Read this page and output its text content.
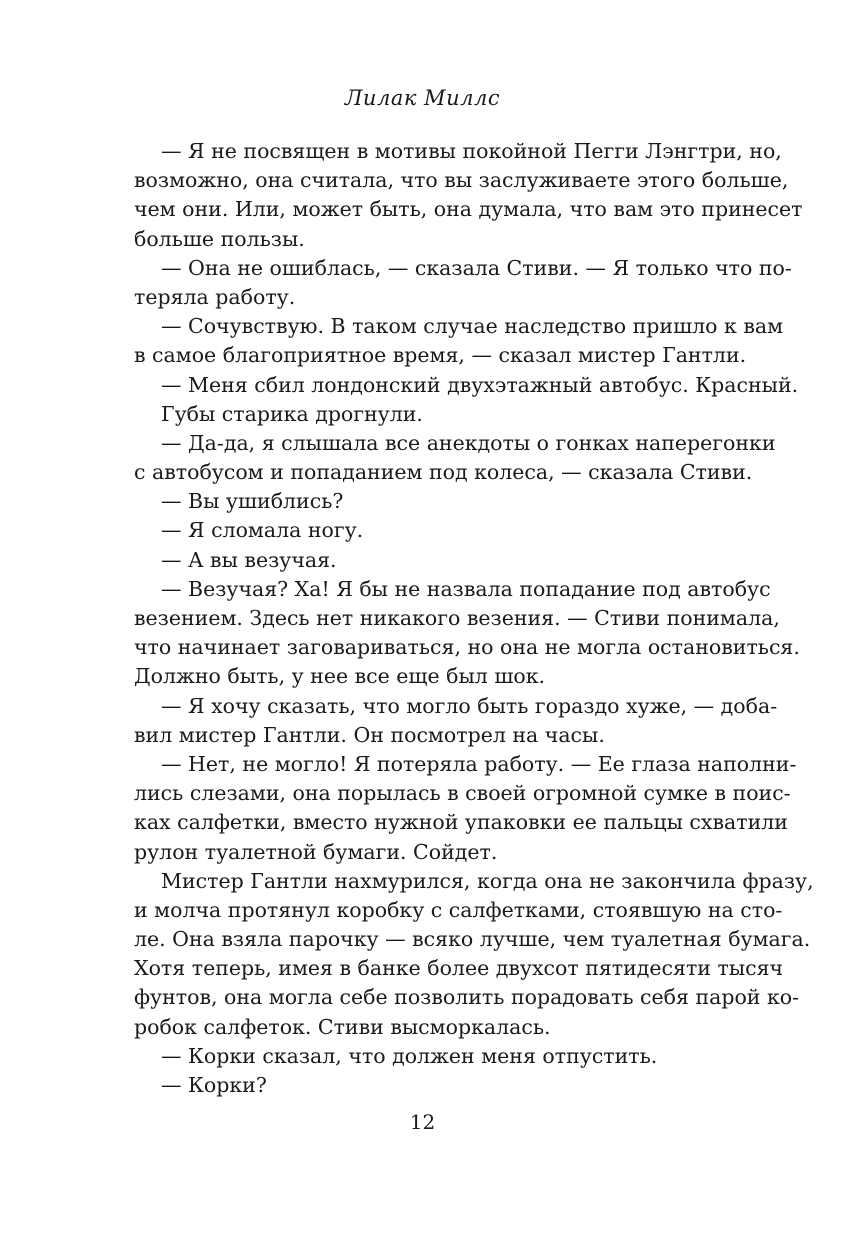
Лилак Миллс
— Я не посвящен в мотивы покойной Пегги Лэнгтри, но,
возможно, она считала, что вы заслуживаете этого больше,
чем они. Или, может быть, она думала, что вам это принесет
больше пользы.
— Она не ошиблась, — сказала Стиви. — Я только что по-
теряла работу.
— Сочувствую. В таком случае наследство пришло к вам
в самое благоприятное время, — сказал мистер Гантли.
— Меня сбил лондонский двухэтажный автобус. Красный.
Губы старика дрогнули.
— Да-да, я слышала все анекдоты о гонках наперегонки
с автобусом и попаданием под колеса, — сказала Стиви.
— Вы ушиблись?
— Я сломала ногу.
— А вы везучая.
— Везучая? Ха! Я бы не назвала попадание под автобус
везением. Здесь нет никакого везения. — Стиви понимала,
что начинает заговариваться, но она не могла остановиться.
Должно быть, у нее все еще был шок.
— Я хочу сказать, что могло быть гораздо хуже, — доба-
вил мистер Гантли. Он посмотрел на часы.
— Нет, не могло! Я потеряла работу. — Ее глаза наполни-
лись слезами, она порылась в своей огромной сумке в поис-
ках салфетки, вместо нужной упаковки ее пальцы схватили
рулон туалетной бумаги. Сойдет.
Мистер Гантли нахмурился, когда она не закончила фразу,
и молча протянул коробку с салфетками, стоявшую на сто-
ле. Она взяла парочку — всяко лучше, чем туалетная бумага.
Хотя теперь, имея в банке более двухсот пятидесяти тысяч
фунтов, она могла себе позволить порадовать себя парой ко-
робок салфеток. Стиви высморкалась.
— Корки сказал, что должен меня отпустить.
— Корки?
12
